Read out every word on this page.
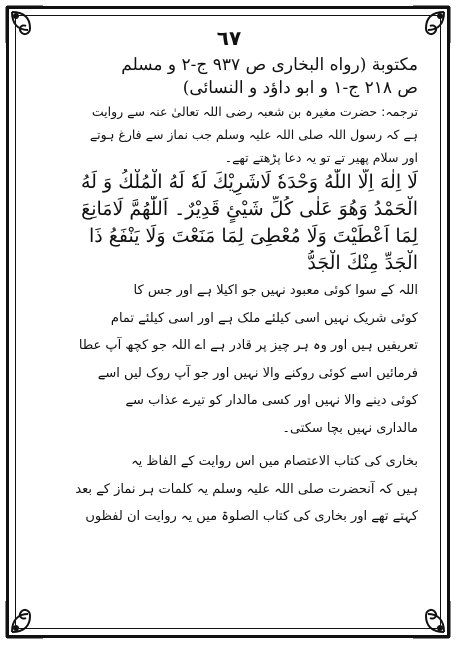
٦٧

مکتوبة (رواه البخاری ص ٩٣٧ ج-٢ و مسلم

ص ٢١٨ ج-١ و ابو داؤد و النسائی)

ترجمہ: حضرت مغیرہ بن شعبہ رضی اللہ تعالیٰ عنہ سے روایت

ہے کہ رسول اللہ صلی اللہ علیہ وسلم جب نماز سے فارغ ہوتے

اور سلام پھیر تے تو یہ دعا پڑھتے تھے۔

لَا اِلٰهَ اِلَّا اللّٰهُ وَحْدَهٗ لَاشَرِیْكَ لَهٗ لَهُ الْمُلْكُ وَ لَهُ

الْحَمْدُ وَهُوَ عَلٰی كُلِّ شَيْئٍ قَدِیْرٌ۔ اَللّٰهُمَّ لَامَانِعَ

لِمَا اَعْطَیْتَ وَلَا مُعْطِیَ لِمَا مَنَعْتَ وَلَا یَنْفَعُ ذَا

الْجَدِّ مِنْكَ الْجَدُّ

اللہ کے سوا کوئی معبود نہیں جو اکیلا ہے اور جس کا

کوئی شریک نہیں اسی کیلئے ملک ہے اور اسی کیلئے تمام

تعریفیں ہیں اور وہ ہر چیز پر قادر ہے اے اللہ جو کچھ آپ عطا

فرمائیں اسے کوئی روکنے والا نہیں اور جو آپ روک لیں اسے

کوئی دینے والا نہیں اور کسی مالدار کو تیرے عذاب سے

مالداری نہیں بچا سکتی۔

بخاری کی کتاب الاعتصام میں اس روایت کے الفاظ یہ

ہیں کہ آنحضرت صلی اللہ علیہ وسلم یہ کلمات ہر نماز کے بعد

کہتے تھے اور بخاری کی کتاب الصلوۃ میں یہ روایت ان لفظوں
